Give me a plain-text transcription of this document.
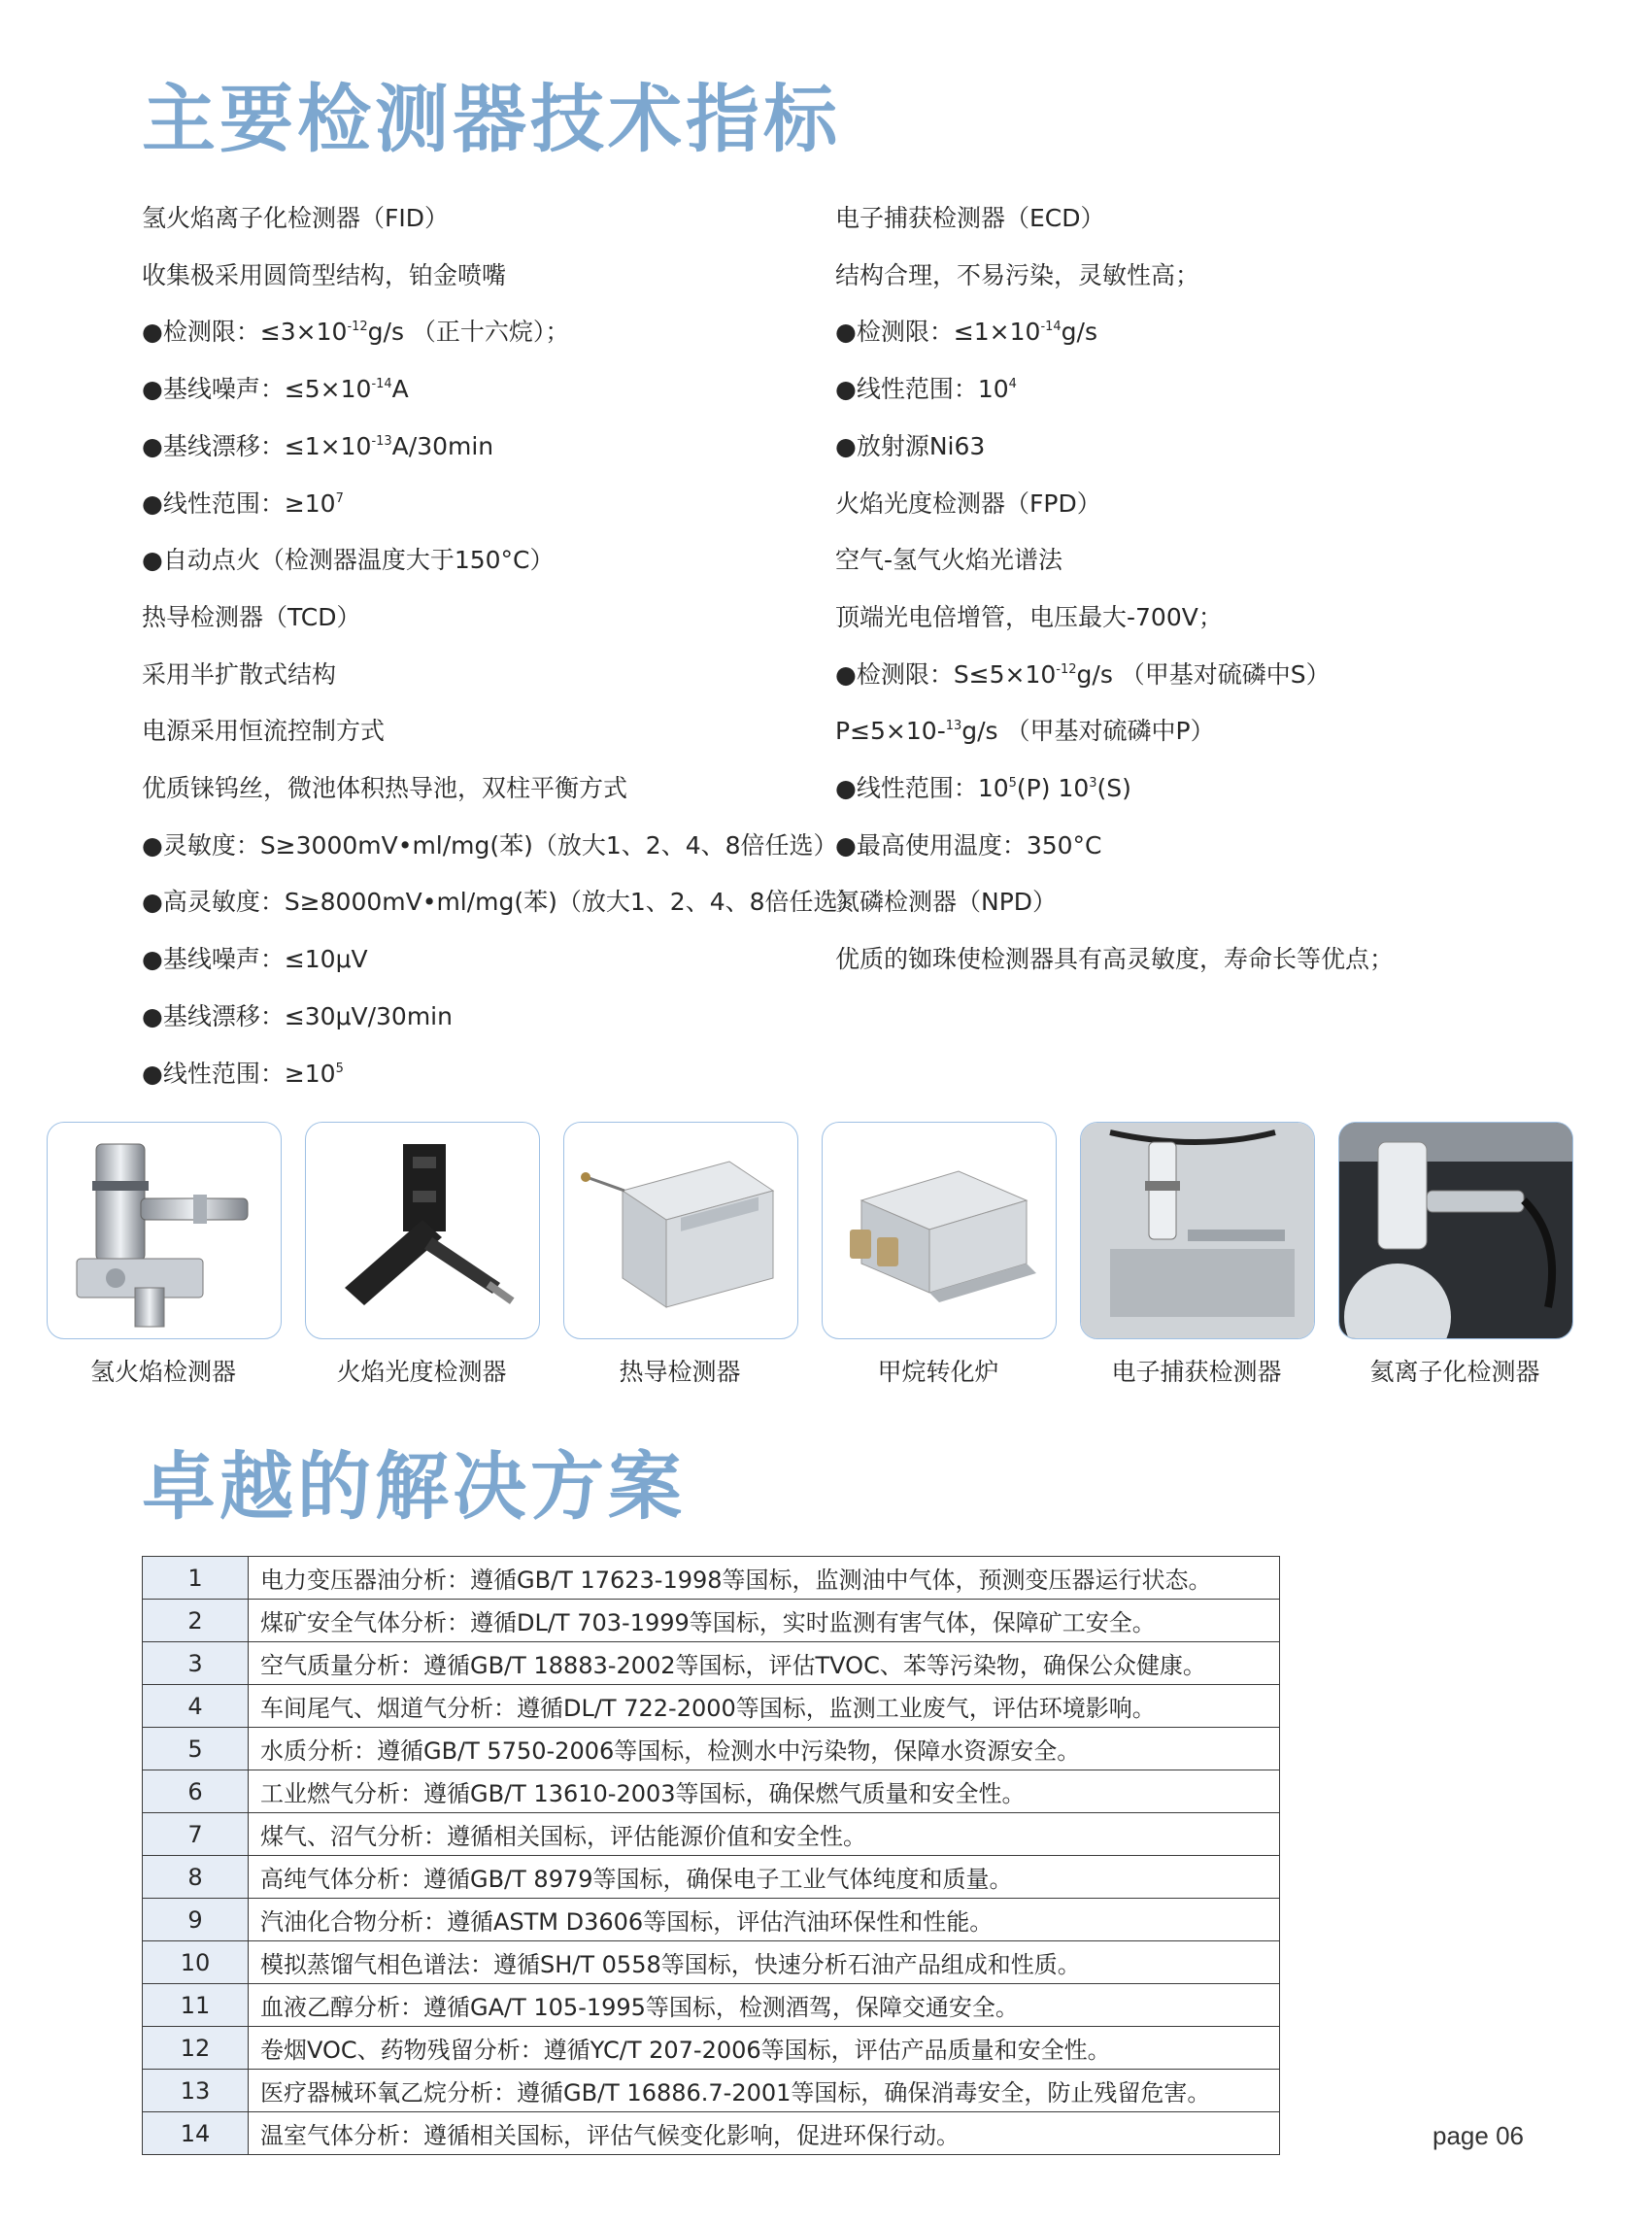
主要检测器技术指标
氢火焰离子化检测器（FID）
收集极采用圆筒型结构，铂金喷嘴
●检测限：$\le 3\times 10^{-12}g/s$ （正十六烷）；
●基线噪声：$\le 5\times 10^{-14}A$
●基线漂移：$\le 1\times 10^{-13}A/30\min$
●线性范围：$\ge 10^7$
●自动点火（检测器温度大于150°C）
热导检测器（TCD）
采用半扩散式结构
电源采用恒流控制方式
优质铼钨丝，微池体积热导池，双柱平衡方式
●灵敏度：S≥3000mV•ml/mg(苯)（放大1、2、4、8倍任选）
●高灵敏度：S≥8000mV•ml/mg(苯)（放大1、2、4、8倍任选）
●基线噪声：≤10μV
●基线漂移：≤30μV/30min
●线性范围：$\ge 10^5$
电子捕获检测器（ECD）
结构合理，不易污染，灵敏性高；
●检测限：$\le 1\times 10^{-14}g/s$
●线性范围：$10^4$
●放射源Ni63
火焰光度检测器（FPD）
空气-氢气火焰光谱法
顶端光电倍增管，电压最大-700V；
●检测限：$S\le 5\times 10^{-12}g/s$ （甲基对硫磷中S）
P≤5×10-$^{13}$g/s （甲基对硫磷中P）
●线性范围：$10^5(P)$ $10^3(S)$
●最高使用温度：350°C
氮磷检测器（NPD）
优质的铷珠使检测器具有高灵敏度，寿命长等优点；
氢火焰检测器	火焰光度检测器	热导检测器	甲烷转化炉	电子捕获检测器	氦离子化检测器
卓越的解决方案
1	电力变压器油分析：遵循GB/T 17623-1998等国标，监测油中气体，预测变压器运行状态。
2	煤矿安全气体分析：遵循DL/T 703-1999等国标，实时监测有害气体，保障矿工安全。
3	空气质量分析：遵循GB/T 18883-2002等国标，评估TVOC、苯等污染物，确保公众健康。
4	车间尾气、烟道气分析：遵循DL/T 722-2000等国标，监测工业废气，评估环境影响。
5	水质分析：遵循GB/T 5750-2006等国标，检测水中污染物，保障水资源安全。
6	工业燃气分析：遵循GB/T 13610-2003等国标，确保燃气质量和安全性。
7	煤气、沼气分析：遵循相关国标，评估能源价值和安全性。
8	高纯气体分析：遵循GB/T 8979等国标，确保电子工业气体纯度和质量。
9	汽油化合物分析：遵循ASTM D3606等国标，评估汽油环保性和性能。
10	模拟蒸馏气相色谱法：遵循SH/T 0558等国标，快速分析石油产品组成和性质。
11	血液乙醇分析：遵循GA/T 105-1995等国标，检测酒驾，保障交通安全。
12	卷烟VOC、药物残留分析：遵循YC/T 207-2006等国标，评估产品质量和安全性。
13	医疗器械环氧乙烷分析：遵循GB/T 16886.7-2001等国标，确保消毒安全，防止残留危害。
14	温室气体分析：遵循相关国标，评估气候变化影响，促进环保行动。	page 06
